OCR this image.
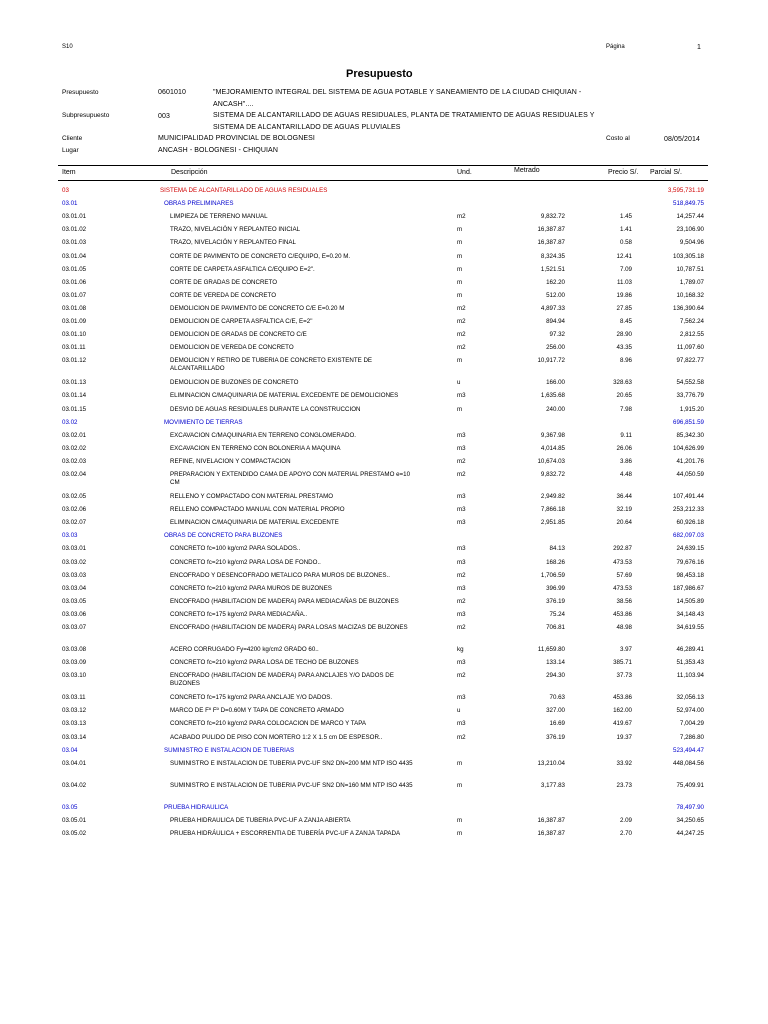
S10	Página	1
Presupuesto
Presupuesto	0601010	"MEJORAMIENTO INTEGRAL DEL SISTEMA DE AGUA POTABLE Y SANEAMIENTO DE LA CIUDAD CHIQUIAN -
ANCASH"....
Subpresupuesto	003	SISTEMA DE ALCANTARILLADO DE AGUAS RESIDUALES, PLANTA DE TRATAMIENTO DE AGUAS RESIDUALES Y
SISTEMA DE ALCANTARILLADO DE AGUAS PLUVIALES
Cliente	MUNICIPALIDAD PROVINCIAL DE BOLOGNESI	Costo al	08/05/2014
Lugar	ANCASH - BOLOGNESI - CHIQUIAN
Item	Descripción	Und.	Metrado	Precio S/. Parcial S/.
03	SISTEMA DE ALCANTARILLADO DE AGUAS RESIDUALES	3,595,731.19
03.01	OBRAS PRELIMINARES	518,849.75
03.01.01	LIMPIEZA DE TERRENO MANUAL	m2	9,832.72	1.45	14,257.44
03.01.02	TRAZO, NIVELACIÓN Y REPLANTEO INICIAL	m	16,387.87	1.41	23,106.90
03.01.03	TRAZO, NIVELACIÓN Y REPLANTEO FINAL	m	16,387.87	0.58	9,504.96
03.01.04	CORTE DE PAVIMENTO DE CONCRETO C/EQUIPO, E=0.20 M.	m	8,324.35	12.41	103,305.18
03.01.05	CORTE DE CARPETA ASFALTICA C/EQUIPO E=2".	m	1,521.51	7.09	10,787.51
03.01.06	CORTE DE GRADAS DE CONCRETO	m	162.20	11.03	1,789.07
03.01.07	CORTE DE VEREDA DE CONCRETO	m	512.00	19.86	10,168.32
03.01.08	DEMOLICION DE PAVIMENTO DE CONCRETO C/E E=0.20 M	m2	4,897.33	27.85	136,390.64
03.01.09	DEMOLICION DE CARPETA ASFALTICA C/E, E=2"	m2	894.94	8.45	7,562.24
03.01.10	DEMOLICION DE GRADAS DE CONCRETO C/E	m2	97.32	28.90	2,812.55
03.01.11	DEMOLICION DE VEREDA DE CONCRETO	m2	256.00	43.35	11,097.60
03.01.12	DEMOLICION Y RETIRO DE TUBERIA DE CONCRETO EXISTENTE DE ALCANTARILLADO
m	10,917.72	8.96	97,822.77
03.01.13	DEMOLICION DE BUZONES DE CONCRETO	u	166.00	328.63	54,552.58
03.01.14	ELIMINACION C/MAQUINARIA DE MATERIAL EXCEDENTE DE DEMOLICIONES	m3	1,635.68	20.65	33,776.79
03.01.15	DESVIO DE AGUAS RESIDUALES DURANTE LA CONSTRUCCION	m	240.00	7.98	1,915.20
03.02	MOVIMIENTO DE TIERRAS	696,851.59
03.02.01	EXCAVACION C/MAQUINARIA EN TERRENO CONGLOMERADO.	m3	9,367.98	9.11	85,342.30
03.02.02	EXCAVACION EN TERRENO CON BOLONERIA A MAQUINA	m3	4,014.85	26.06	104,626.99
03.02.03	REFINE, NIVELACION Y COMPACTACION	m2	10,674.03	3.86	41,201.76
03.02.04	PREPARACION Y EXTENDIDO CAMA DE APOYO CON MATERIAL PRESTAMO e=10 CM
m2	9,832.72	4.48	44,050.59
03.02.05	RELLENO Y COMPACTADO CON MATERIAL PRESTAMO	m3	2,949.82	36.44	107,491.44
03.02.06	RELLENO COMPACTADO MANUAL CON MATERIAL PROPIO	m3	7,866.18	32.19	253,212.33
03.02.07	ELIMINACION C/MAQUINARIA DE MATERIAL EXCEDENTE	m3	2,951.85	20.64	60,926.18
03.03	OBRAS DE CONCRETO PARA BUZONES	682,097.03
03.03.01	CONCRETO fc=100 kg/cm2 PARA SOLADOS..	m3	84.13	292.87	24,639.15
03.03.02	CONCRETO fc=210 kg/cm2 PARA LOSA DE FONDO..	m3	168.26	473.53	79,676.16
03.03.03	ENCOFRADO Y DESENCOFRADO METALICO PARA MUROS DE BUZONES..	m2	1,706.59	57.69	98,453.18
03.03.04	CONCRETO fc=210 kg/cm2 PARA MUROS DE BUZONES	m3	396.99	473.53	187,986.67
03.03.05	ENCOFRADO (HABILITACION DE MADERA) PARA MEDIACAÑAS DE BUZONES	m2	376.19	38.56	14,505.89
03.03.06	CONCRETO fc=175 kg/cm2 PARA MEDIACAÑA..	m3	75.24	453.86	34,148.43
03.03.07	ENCOFRADO (HABILITACION DE MADERA) PARA LOSAS MACIZAS DE BUZONES	m2	706.81	48.98	34,619.55
03.03.08	ACERO CORRUGADO Fy=4200 kg/cm2 GRADO 60..	kg	11,659.80	3.97	46,289.41
03.03.09	CONCRETO fc=210 kg/cm2 PARA LOSA DE TECHO DE BUZONES	m3	133.14	385.71	51,353.43
03.03.10	ENCOFRADO (HABILITACION DE MADERA) PARA ANCLAJES Y/O DADOS DE BUZONES
m2	294.30	37.73	11,103.94
03.03.11	CONCRETO fc=175 kg/cm2 PARA ANCLAJE Y/O DADOS.	m3	70.63	453.86	32,056.13
03.03.12	MARCO DE Fº Fº D=0.60M Y TAPA DE CONCRETO ARMADO	u	327.00	162.00	52,974.00
03.03.13	CONCRETO fc=210 kg/cm2 PARA COLOCACION DE MARCO Y TAPA	m3	16.69	419.67	7,004.29
03.03.14	ACABADO PULIDO DE PISO CON MORTERO 1:2 X 1.5 cm DE ESPESOR..	m2	376.19	19.37	7,286.80
03.04	SUMINISTRO E INSTALACION DE TUBERIAS	523,494.47
03.04.01	SUMINISTRO E INSTALACION DE TUBERIA PVC-UF SN2 DN=200 MM NTP ISO 4435	m	13,210.04	33.92	448,084.56
03.04.02	SUMINISTRO E INSTALACION DE TUBERIA PVC-UF SN2 DN=160 MM NTP ISO 4435	m	3,177.83	23.73	75,409.91
03.05	PRUEBA HIDRAULICA	78,497.90
03.05.01	PRUEBA HIDRAULICA DE TUBERIA PVC-UF A ZANJA ABIERTA	m	16,387.87	2.09	34,250.65
03.05.02	PRUEBA HIDRÁULICA + ESCORRENTIA DE TUBERÍA PVC-UF A ZANJA TAPADA	m	16,387.87	2.70	44,247.25
